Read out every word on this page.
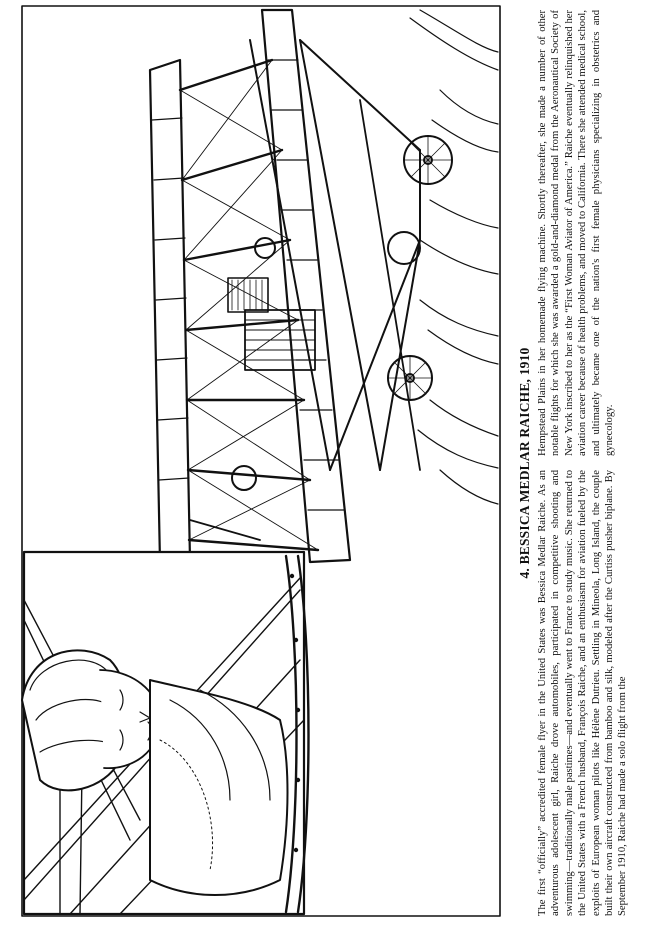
4. BESSICA MEDLAR RAICHE, 1910
The first “officially” accredited female flyer in the United States was Bessica Medlar Raiche. As an adventurous adolescent girl, Raiche drove automobiles, participated in competitive shooting and swimming—traditionally male pastimes—and eventually went to France to study music. She returned to the United States with a French husband, François Raiche, and an enthusiasm for aviation fueled by the exploits of European woman pilots like Hélène Dutrieu. Settling in Mineola, Long Island, the couple built their own aircraft constructed from bamboo and silk, modeled after the Curtiss pusher biplane. By September 1910, Raiche had made a solo flight from the
Hempstead Plains in her homemade flying machine. Shortly thereafter, she made a number of other notable flights for which she was awarded a gold-and-diamond medal from the Aeronautical Society of New York inscribed to her as the “First Woman Aviator of America.” Raiche eventually relinquished her aviation career because of health problems, and moved to California. There she attended medical school, and ultimately became one of the nation's first female physicians specializing in obstetrics and gynecology.
